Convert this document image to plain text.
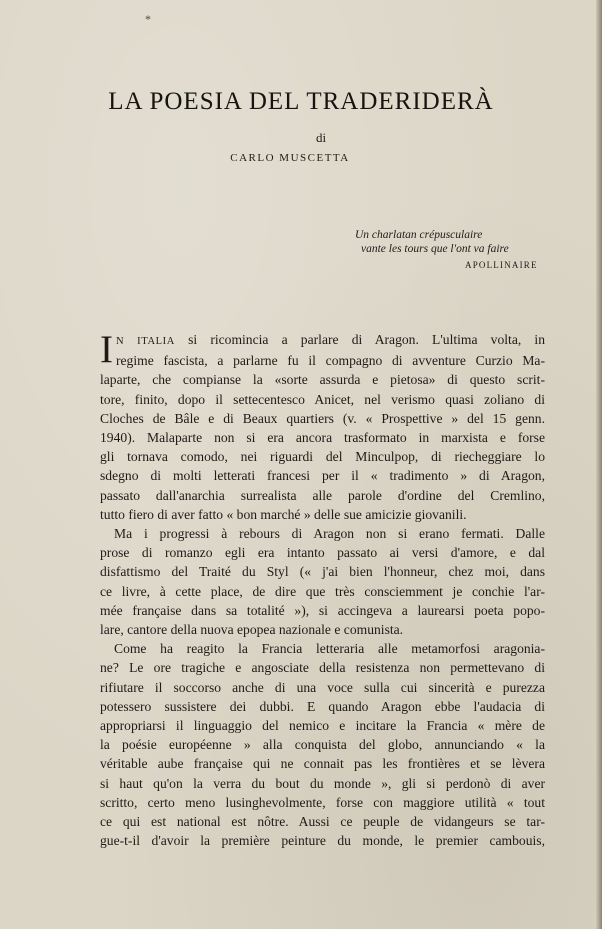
*
LA POESIA DEL TRADERIDERÀ
di
CARLO MUSCETTA
Un charlatan crépusculaire
vante les tours que l'ont va faire
APOLLINAIRE
I N ITALIA si ricomincia a parlare di Aragon. L'ultima volta, in
regime fascista, a parlarne fu il compagno di avventure Curzio Ma-
laparte, che compianse la «sorte assurda e pietosa» di questo scrit-
tore, finito, dopo il settecentesco Anicet, nel verismo quasi zoliano di
Cloches de Bâle e di Beaux quartiers (v. « Prospettive » del 15 genn.
1940). Malaparte non si era ancora trasformato in marxista e forse
gli tornava comodo, nei riguardi del Minculpop, di riecheggiare lo
sdegno di molti letterati francesi per il « tradimento » di Aragon,
passato dall'anarchia surrealista alle parole d'ordine del Cremlino,
tutto fiero di aver fatto « bon marché » delle sue amicizie giovanili.
Ma i progressi à rebours di Aragon non si erano fermati. Dalle
prose di romanzo egli era intanto passato ai versi d'amore, e dal
disfattismo del Traité du Styl (« j'ai bien l'honneur, chez moi, dans
ce livre, à cette place, de dire que très consciemment je conchie l'ar-
mée française dans sa totalité »), si accingeva a laurearsi poeta popo-
lare, cantore della nuova epopea nazionale e comunista.
Come ha reagito la Francia letteraria alle metamorfosi aragonia-
ne? Le ore tragiche e angosciate della resistenza non permettevano di
rifiutare il soccorso anche di una voce sulla cui sincerità e purezza
potessero sussistere dei dubbi. E quando Aragon ebbe l'audacia di
appropriarsi il linguaggio del nemico e incitare la Francia « mère de
la poésie européenne » alla conquista del globo, annunciando « la
véritable aube française qui ne connait pas les frontières et se lèvera
si haut qu'on la verra du bout du monde », gli si perdonò di aver
scritto, certo meno lusinghevolmente, forse con maggiore utilità « tout
ce qui est national est nôtre. Aussi ce peuple de vidangeurs se tar-
gue-t-il d'avoir la première peinture du monde, le premier cambouis,
